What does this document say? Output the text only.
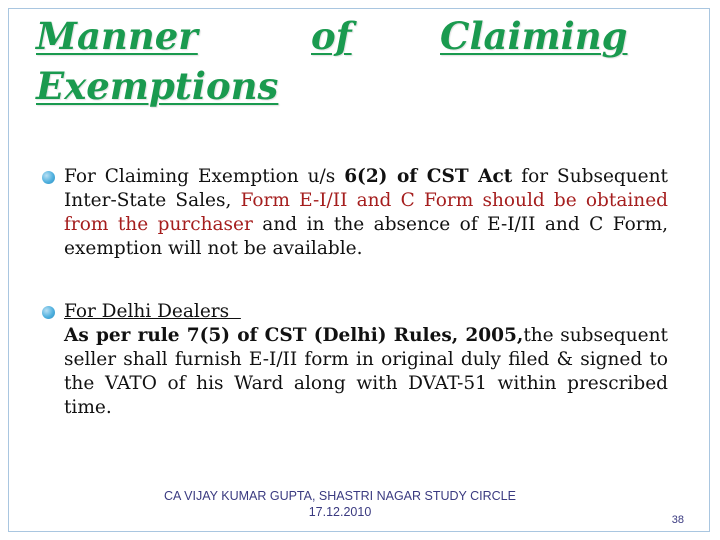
Manner	of Claiming
Exemptions
For Claiming Exemption u/s 6(2) of CST Act for Subsequent Inter-State Sales, Form E-I/II and C Form should be obtained from the purchaser and in the absence of E-I/II and C Form, exemption will not be available.
For Delhi Dealers
As per rule 7(5) of CST (Delhi) Rules, 2005,the subsequent seller shall furnish E-I/II form in original duly filed & signed to the VATO of his Ward along with DVAT-51 within prescribed time.
CA VIJAY KUMAR GUPTA, SHASTRI NAGAR STUDY CIRCLE
17.12.2010
38
